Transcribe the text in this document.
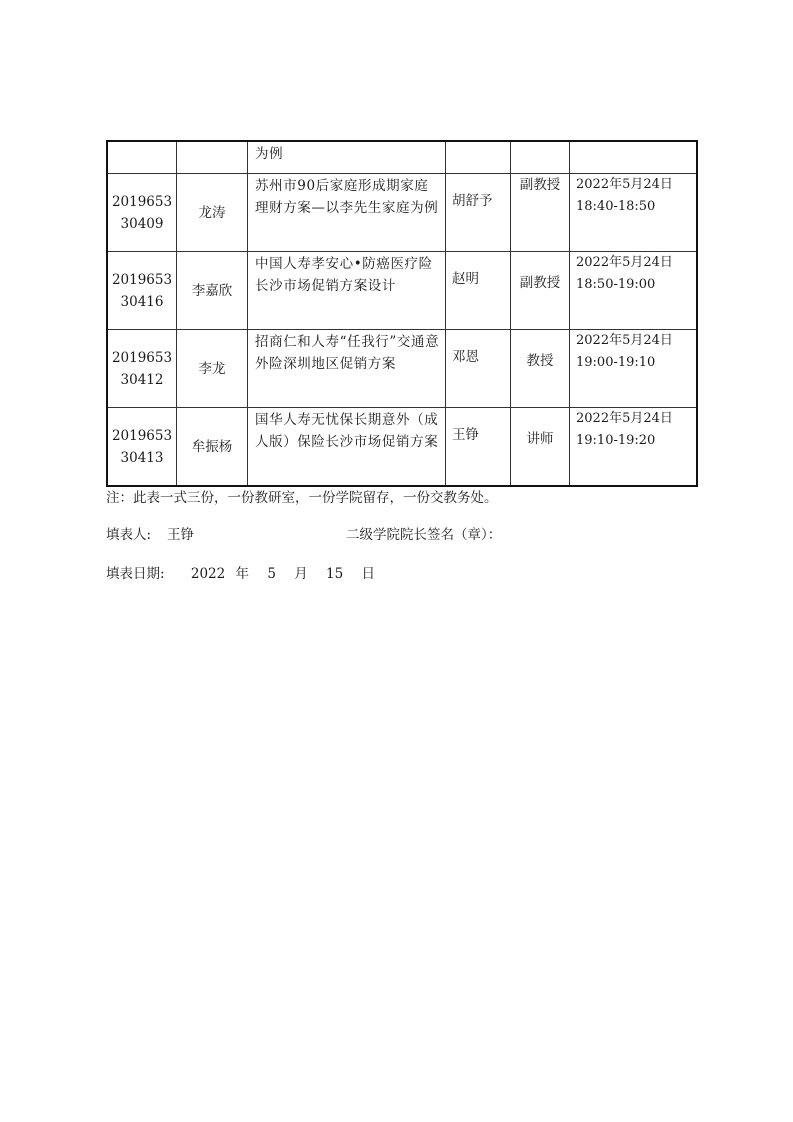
		为例			

2019653
30409	龙涛	苏州市90后家庭形成期家庭理财方案—以李先生家庭为例	胡舒予	副教授	2022年5月24日
18:40-18:50

2019653
30416	李嘉欣	中国人寿孝安心•防癌医疗险长沙市场促销方案设计	赵明	副教授	2022年5月24日
18:50-19:00

2019653
30412	李龙	招商仁和人寿“任我行”交通意外险深圳地区促销方案	邓恩	教授	2022年5月24日
19:00-19:10

2019653
30413	牟振杨	国华人寿无忧保长期意外（成人版）保险长沙市场促销方案	王铮	讲师	2022年5月24日
19:10-19:20
注：此表一式三份，一份教研室，一份学院留存，一份交教务处。
填表人: 王铮	二级学院院长签名（章）：
填表日期: 2022 年 5 月 15 日
